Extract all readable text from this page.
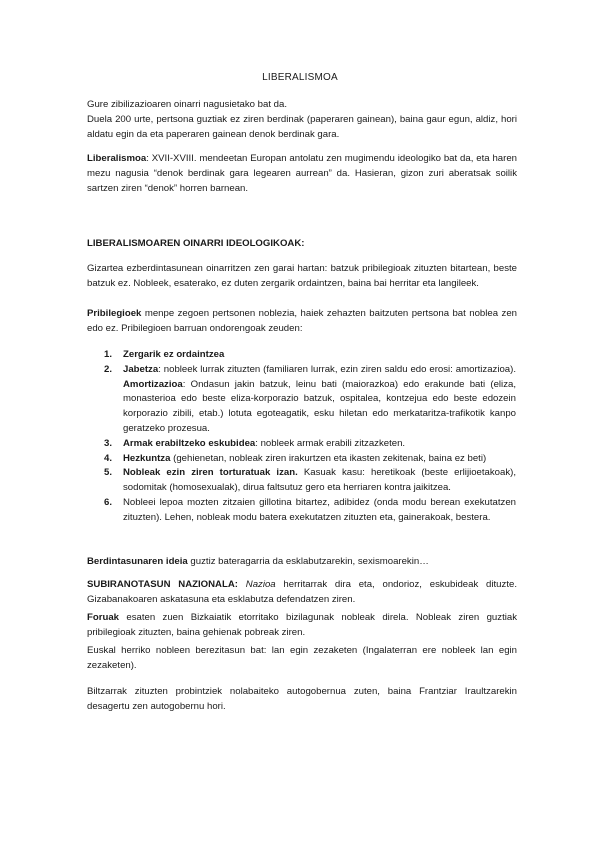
LIBERALISMOA
Gure zibilizazioaren oinarri nagusietako bat da.
Duela 200 urte, pertsona guztiak ez ziren berdinak (paperaren gainean), baina gaur egun, aldiz, hori aldatu egin da eta paperaren gainean denok berdinak gara.
Liberalismoa: XVII-XVIII. mendeetan Europan antolatu zen mugimendu ideologiko bat da, eta haren mezu nagusia “denok berdinak gara legearen aurrean” da. Hasieran, gizon zuri aberatsak soilik sartzen ziren “denok” horren barnean.
LIBERALISMOAREN OINARRI IDEOLOGIKOAK:
Gizartea ezberdintasunean oinarritzen zen garai hartan: batzuk pribilegioak zituzten bitartean, beste batzuk ez. Nobleek, esaterako, ez duten zergarik ordaintzen, baina bai herritar eta langileek.
Pribilegioek menpe zegoen pertsonen noblezia, haiek zehazten baitzuten pertsona bat noblea zen edo ez. Pribilegioen barruan ondorengoak zeuden:
1. Zergarik ez ordaintzea
2. Jabetza: nobleek lurrak zituzten (familiaren lurrak, ezin ziren saldu edo erosi: amortizazioa). Amortizazioa: Ondasun jakin batzuk, leinu bati (maiorazkoa) edo erakunde bati (eliza, monasterioa edo beste eliza-korporazio batzuk, ospitalea, kontzejua edo beste edozein korporazio zibili, etab.) lotuta egoteagatik, esku hiletan edo merkataritza-trafikotik kanpo geratzeko prozesua.
3. Armak erabiltzeko eskubidea: nobleek armak erabili zitzazketen.
4. Hezkuntza (gehienetan, nobleak ziren irakurtzen eta ikasten zekitenak, baina ez beti)
5. Nobleak ezin ziren torturatuak izan. Kasuak kasu: heretikoak (beste erlijioetakoak), sodomitak (homosexualak), dirua faltsutuz gero eta herriaren kontra jaikitzea.
6. Nobleei lepoa mozten zitzaien gillotina bitartez, adibidez (onda modu berean exekutatzen zituzten). Lehen, nobleak modu batera exekutatzen zituzten eta, gainerakoak, bestera.
Berdintasunaren ideia guztiz bateragarria da esklabutzarekin, sexismoarekin…
SUBIRANOTASUN NAZIONALA: Nazioa herritarrak dira eta, ondorioz, eskubideak dituzte. Gizabanakoaren askatasuna eta esklabutza defendatzen ziren.
Foruak esaten zuen Bizkaiatik etorritako bizilagunak nobleak direla. Nobleak ziren guztiak pribilegioak zituzten, baina gehienak pobreak ziren.
Euskal herriko nobleen berezitasun bat: lan egin zezaketen (Ingalaterran ere nobleek lan egin zezaketen).
Biltzarrak zituzten probintziek nolabaiteko autogobernua zuten, baina Frantziar Iraultzarekin desagertu zen autogobernu hori.
